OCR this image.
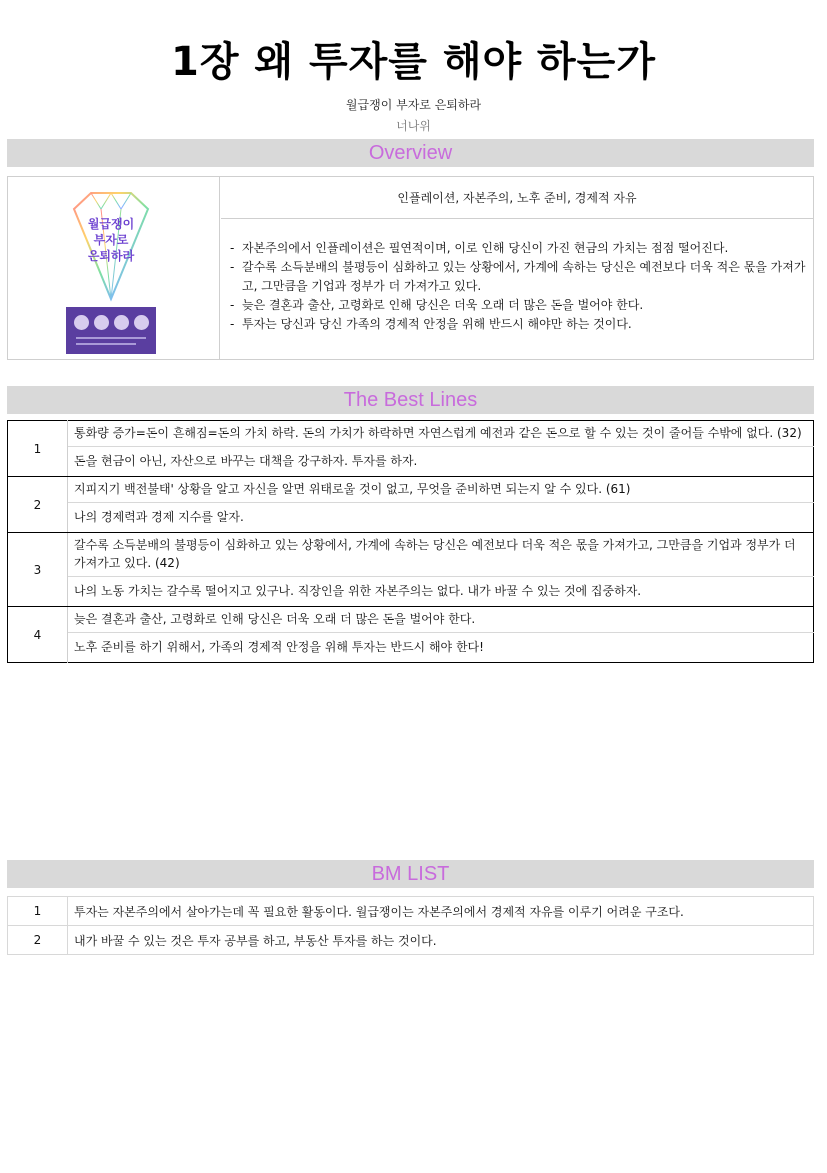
1장 왜 투자를 해야 하는가
월급쟁이 부자로 은퇴하라
너나위
Overview
월급쟁이
부자로
은퇴하라
인플레이션, 자본주의, 노후 준비, 경제적 자유
- 자본주의에서 인플레이션은 필연적이며, 이로 인해 당신이 가진 현금의 가치는 점점 떨어진다.
- 갈수록 소득분배의 불평등이 심화하고 있는 상황에서, 가계에 속하는 당신은 예전보다 더욱 적은 몫을 가져가고, 그만큼을 기업과 정부가 더 가져가고 있다.
- 늦은 결혼과 출산, 고령화로 인해 당신은 더욱 오래 더 많은 돈을 벌어야 한다.
- 투자는 당신과 당신 가족의 경제적 안정을 위해 반드시 해야만 하는 것이다.
The Best Lines
1	통화량 증가=돈이 흔해짐=돈의 가치 하락. 돈의 가치가 하락하면 자연스럽게 예전과 같은 돈으로 할 수 있는 것이 줄어들 수밖에 없다. (32)
	돈을 현금이 아닌, 자산으로 바꾸는 대책을 강구하자. 투자를 하자.
2	지피지기 백전불태' 상황을 알고 자신을 알면 위태로울 것이 없고, 무엇을 준비하면 되는지 알 수 있다. (61)
	나의 경제력과 경제 지수를 알자.
3	갈수록 소득분배의 불평등이 심화하고 있는 상황에서, 가계에 속하는 당신은 예전보다 더욱 적은 몫을 가져가고, 그만큼을 기업과 정부가 더 가져가고 있다. (42)
	나의 노동 가치는 갈수록 떨어지고 있구나. 직장인을 위한 자본주의는 없다. 내가 바꿀 수 있는 것에 집중하자.
4	늦은 결혼과 출산, 고령화로 인해 당신은 더욱 오래 더 많은 돈을 벌어야 한다.
	노후 준비를 하기 위해서, 가족의 경제적 안정을 위해 투자는 반드시 해야 한다!
BM LIST
1	투자는 자본주의에서 살아가는데 꼭 필요한 활동이다. 월급쟁이는 자본주의에서 경제적 자유를 이루기 어려운 구조다.
2	내가 바꿀 수 있는 것은 투자 공부를 하고, 부동산 투자를 하는 것이다.
